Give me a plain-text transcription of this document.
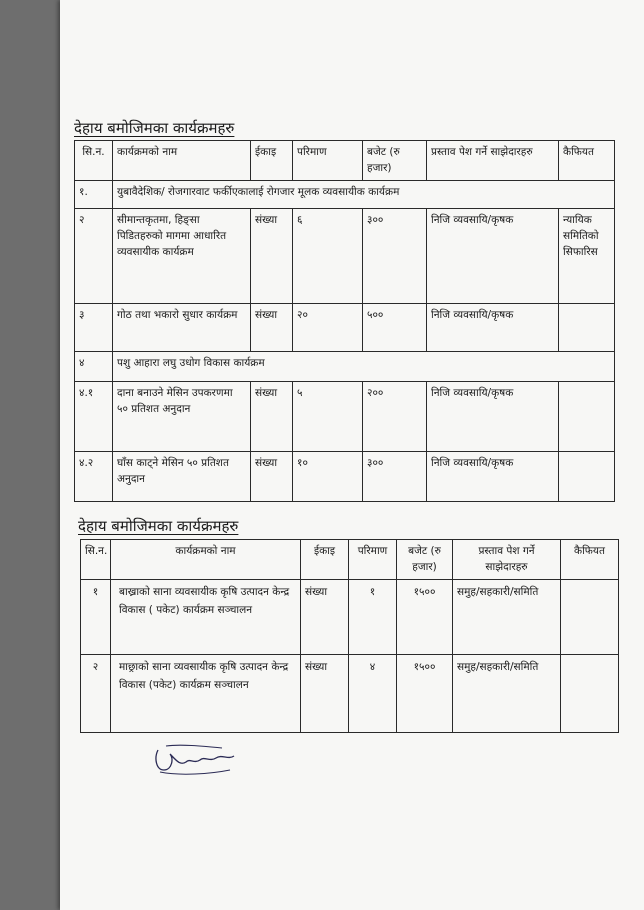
देहाय बमोजिमका कार्यक्रमहरु
सि.न.	कार्यक्रमको नाम	ईकाइ	परिमाण	बजेट (रु हजार)	प्रस्ताव पेश गर्ने साझेदारहरु	कैफियत
१.	युबावैदेशिक/ रोजगारवाट फर्कीएकालाई रोगजार मूलक व्यवसायीक कार्यक्रम					
२	सीमान्तकृतमा, हिङ्सा पिडितहरुको मागमा आधारित व्यवसायीक कार्यक्रम	संख्या	६	३००	निजि व्यवसायि/कृषक	न्यायिक समितिको सिफारिस
३	गोठ तथा भकारो सुधार कार्यक्रम	संख्या	२०	५००	निजि व्यवसायि/कृषक	
४	पशु आहारा लघु उधोग विकास कार्यक्रम					
४.१	दाना बनाउने मेसिन उपकरणमा ५० प्रतिशत अनुदान	संख्या	५	२००	निजि व्यवसायि/कृषक	
४.२	घाँस काट्ने मेसिन ५० प्रतिशत अनुदान	संख्या	१०	३००	निजि व्यवसायि/कृषक	
देहाय बमोजिमका कार्यक्रमहरु
सि.न.	कार्यक्रमको नाम	ईकाइ	परिमाण	बजेट (रु हजार)	प्रस्ताव पेश गर्ने साझेदारहरु	कैफियत
१	बाख्राको साना व्यवसायीक कृषि उत्पादन केन्द्र विकास ( पकेट) कार्यक्रम सञ्चालन	संख्या	१	१५००	समुह/सहकारी/समिति	
२	माछ्राको साना व्यवसायीक कृषि उत्पादन केन्द्र विकास (पकेट) कार्यक्रम सञ्चालन	संख्या	४	१५००	समुह/सहकारी/समिति	
